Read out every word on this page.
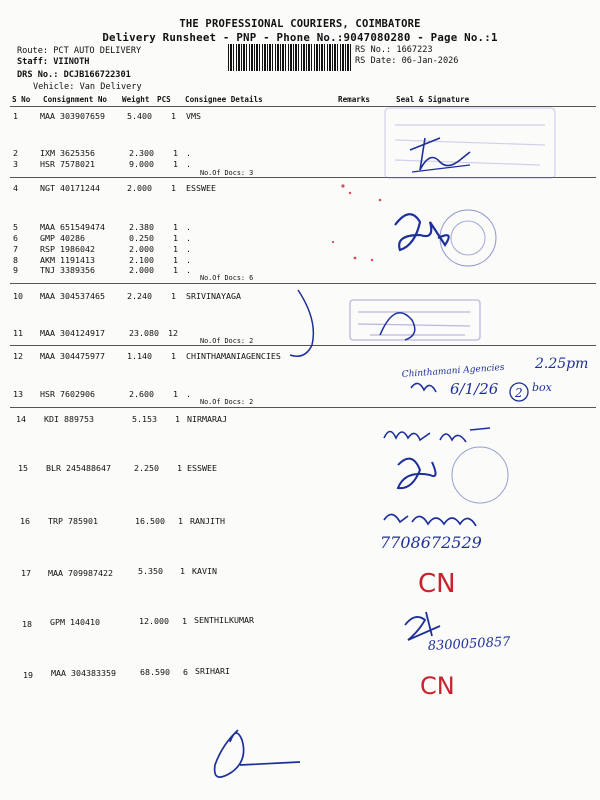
THE PROFESSIONAL COURIERS, COIMBATORE
Delivery Runsheet - PNP - Phone No.:9047080280 - Page No.:1
Route: PCT AUTO DELIVERY
Staff: VIINOTH
DRS No.: DCJB166722301
Vehicle: Van Delivery
RS No.: 1667223
RS Date: 06-Jan-2026
S No Consignment No Weight PCS Consignee Details	Remarks	Seal & Signature
1	MAA 303907659	5.400 1 VMS
2	IXM 3625356	2.300 1 .
3	HSR 7578021	9.000 1 .
No.Of Docs: 3
4	NGT 40171244	2.000 1 ESSWEE
5	MAA 651549474	2.380 1 .
6	GMP 40286	0.250 1 .
7	RSP 1986042	2.000 1 .
8	AKM 1191413	2.100 1 .
9	TNJ 3389356	2.000 1 .
No.Of Docs: 6
10 MAA 304537465	2.240 1 SRIVINAYAGA
11 MAA 304124917	23.080 12
No.Of Docs: 2
12 MAA 304475977	1.140 1 CHINTHAMANIAGENCIES
13 HSR 7602906	2.600 1 .
No.Of Docs: 2
14 KDI 889753	5.153 1 NIRMARAJ
15 BLR 245488647	2.250 1 ESSWEE
16 TRP 785901	16.500 1 RANJITH
17 MAA 709987422	5.350 1 KAVIN
18 GPM 140410	12.000 1 SENTHILKUMAR
19 MAA 304383359	68.590 6 SRIHARI
Chinthamani Agencies 2.25pm
6/1/26 2 box
7708672529
CN
8300050857
CN
